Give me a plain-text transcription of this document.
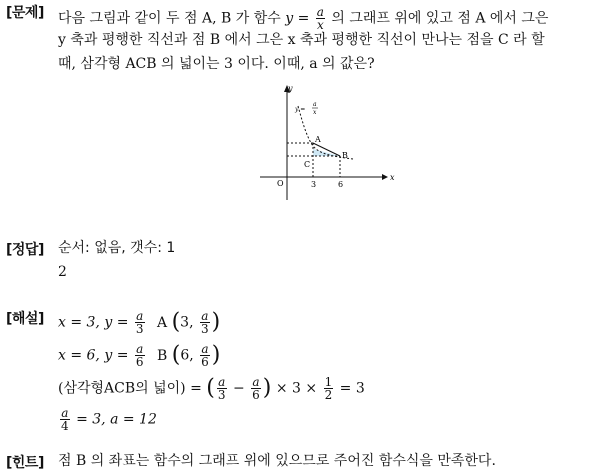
[문제] 다음 그림과 같이 두 점 A, B 가 함수 $y = \frac{a}{x}$ 의 그래프 위에 있고 점 A 에서 그은
y 축과 평행한 직선과 점 B 에서 그은 x 축과 평행한 직선이 만나는 점을 C 라 할
때, 삼각형 ACB 의 넓이는 3 이다. 이때, a 의 값은?
y
x
O	3	6
A
B
C
y =
a
x
[정답] 순서: 없음, 갯수: 1
2
[해설] x = 3, $y = \frac{a}{3}$ A (3, $\frac{a}{3}$ )
x = 6, $y = \frac{a}{6}$ B (6, $\frac{a}{6}$ )
(삼각형ACB의 넓이) = ( $\frac{a}{3} - \frac{a}{6}$ ) × $3 \times \frac{1}{2} = 3$
$\frac{a}{4} = 3$, a = 12
[힌트] 점 B 의 좌표는 함수의 그래프 위에 있으므로 주어진 함수식을 만족한다.
